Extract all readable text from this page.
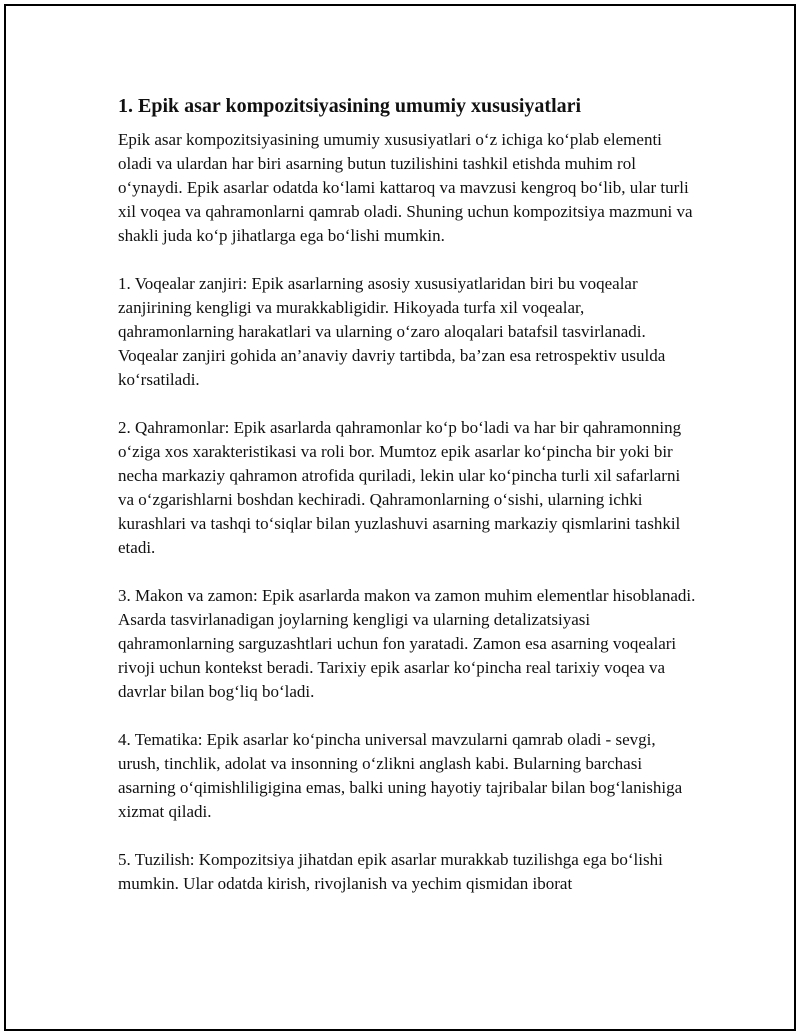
1. Epik asar kompozitsiyasining umumiy xususiyatlari

Epik asar kompozitsiyasining umumiy xususiyatlari o‘z ichiga ko‘plab elementi oladi va ulardan har biri asarning butun tuzilishini tashkil etishda muhim rol o‘ynaydi. Epik asarlar odatda ko‘lami kattaroq va mavzusi kengroq bo‘lib, ular turli xil voqea va qahramonlarni qamrab oladi. Shuning uchun kompozitsiya mazmuni va shakli juda ko‘p jihatlarga ega bo‘lishi mumkin.

1. Voqealar zanjiri: Epik asarlarning asosiy xususiyatlaridan biri bu voqealar zanjirining kengligi va murakkabligidir. Hikoyada turfa xil voqealar, qahramonlarning harakatlari va ularning o‘zaro aloqalari batafsil tasvirlanadi. Voqealar zanjiri gohida an’anaviy davriy tartibda, ba’zan esa retrospektiv usulda ko‘rsatiladi.

2. Qahramonlar: Epik asarlarda qahramonlar ko‘p bo‘ladi va har bir qahramonning o‘ziga xos xarakteristikasi va roli bor. Mumtoz epik asarlar ko‘pincha bir yoki bir necha markaziy qahramon atrofida quriladi, lekin ular ko‘pincha turli xil safarlarni va o‘zgarishlarni boshdan kechiradi. Qahramonlarning o‘sishi, ularning ichki kurashlari va tashqi to‘siqlar bilan yuzlashuvi asarning markaziy qismlarini tashkil etadi.

3. Makon va zamon: Epik asarlarda makon va zamon muhim elementlar hisoblanadi. Asarda tasvirlanadigan joylarning kengligi va ularning detalizatsiyasi qahramonlarning sarguzashtlari uchun fon yaratadi. Zamon esa asarning voqealari rivoji uchun kontekst beradi. Tarixiy epik asarlar ko‘pincha real tarixiy voqea va davrlar bilan bog‘liq bo‘ladi.

4. Tematika: Epik asarlar ko‘pincha universal mavzularni qamrab oladi - sevgi, urush, tinchlik, adolat va insonning o‘zlikni anglash kabi. Bularning barchasi asarning o‘qimishliligigina emas, balki uning hayotiy tajribalar bilan bog‘lanishiga xizmat qiladi.

5. Tuzilish: Kompozitsiya jihatdan epik asarlar murakkab tuzilishga ega bo‘lishi mumkin. Ular odatda kirish, rivojlanish va yechim qismidan iborat
